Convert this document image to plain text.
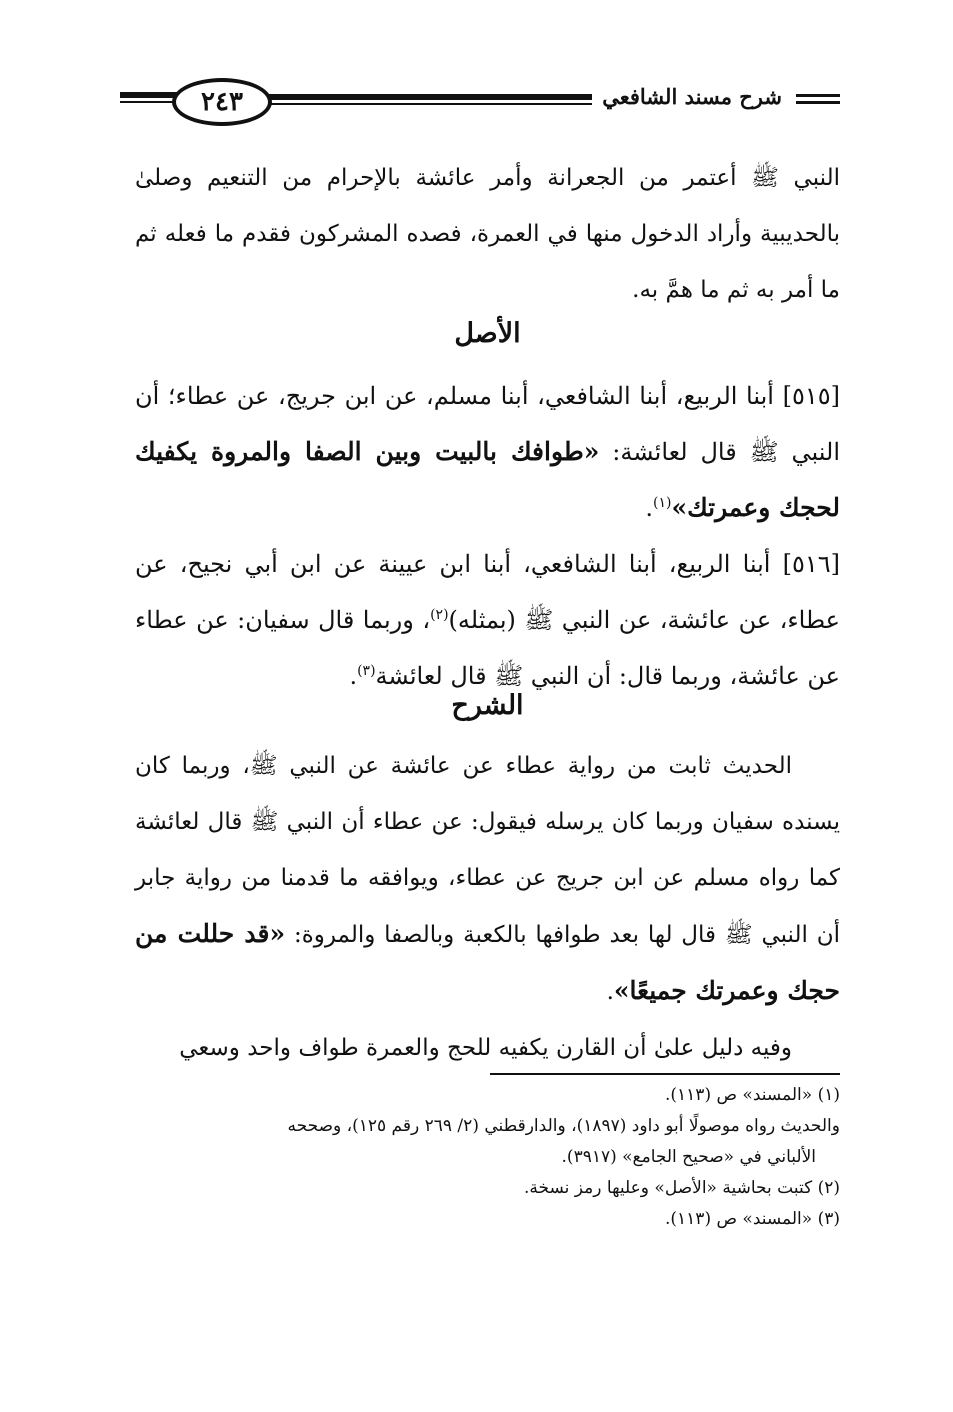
شرح مسند الشافعي
٢٤٣

النبي ﷺ أعتمر من الجعرانة وأمر عائشة بالإحرام من التنعيم وصلىٰ بالحديبية وأراد الدخول منها في العمرة، فصده المشركون فقدم ما فعله ثم ما أمر به ثم ما همَّ به.

الأصل

[٥١٥] أبنا الربيع، أبنا الشافعي، أبنا مسلم، عن ابن جريج، عن عطاء؛ أن النبي ﷺ قال لعائشة: «طوافك بالبيت وبين الصفا والمروة يكفيك لحجك وعمرتك»$^{(١)}$.

[٥١٦] أبنا الربيع، أبنا الشافعي، أبنا ابن عيينة عن ابن أبي نجيح، عن عطاء، عن عائشة، عن النبي ﷺ (بمثله)$^{(٢)}$، وربما قال سفيان: عن عطاء عن عائشة، وربما قال: أن النبي ﷺ قال لعائشة$^{(٣)}$.

الشرح

الحديث ثابت من رواية عطاء عن عائشة عن النبي ﷺ، وربما كان يسنده سفيان وربما كان يرسله فيقول: عن عطاء أن النبي ﷺ قال لعائشة كما رواه مسلم عن ابن جريج عن عطاء، ويوافقه ما قدمنا من رواية جابر أن النبي ﷺ قال لها بعد طوافها بالكعبة وبالصفا والمروة: «قد حللت من حجك وعمرتك جميعًا».

وفيه دليل علىٰ أن القارن يكفيه للحج والعمرة طواف واحد وسعي

(١) «المسند» ص (١١٣).

والحديث رواه موصولًا أبو داود (١٨٩٧)، والدارقطني (٢/ ٢٦٩ رقم ١٢٥)، وصححه

الألباني في «صحيح الجامع» (٣٩١٧).

(٢) كتبت بحاشية «الأصل» وعليها رمز نسخة.

(٣) «المسند» ص (١١٣).
